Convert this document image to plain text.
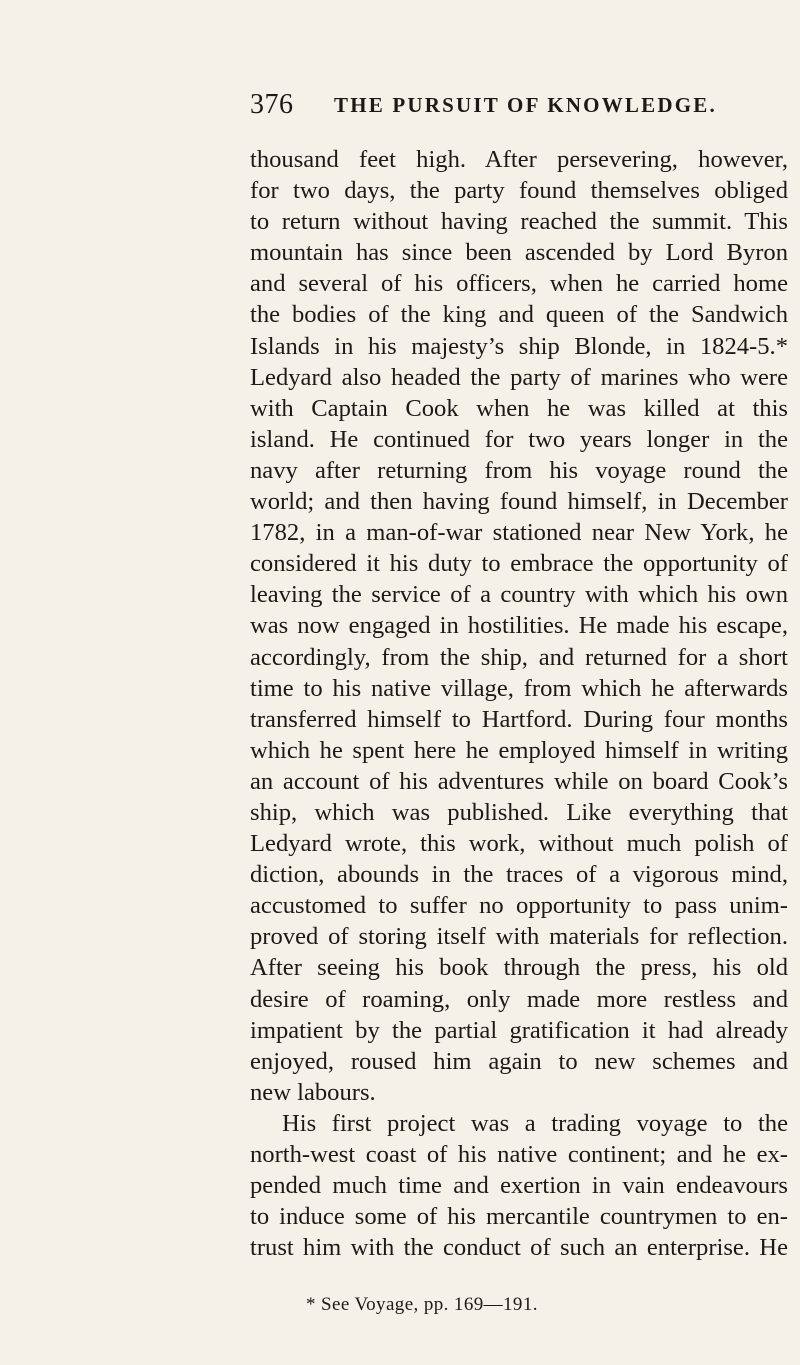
376 THE PURSUIT OF KNOWLEDGE.
thousand feet high. After persevering, however,
for two days, the party found themselves obliged
to return without having reached the summit. This
mountain has since been ascended by Lord Byron
and several of his officers, when he carried home
the bodies of the king and queen of the Sandwich
Islands in his majesty’s ship Blonde, in 1824-5.*
Ledyard also headed the party of marines who were
with Captain Cook when he was killed at this
island. He continued for two years longer in the
navy after returning from his voyage round the
world; and then having found himself, in December
1782, in a man-of-war stationed near New York, he
considered it his duty to embrace the opportunity of
leaving the service of a country with which his own
was now engaged in hostilities. He made his escape,
accordingly, from the ship, and returned for a short
time to his native village, from which he afterwards
transferred himself to Hartford. During four months
which he spent here he employed himself in writing
an account of his adventures while on board Cook’s
ship, which was published. Like everything that
Ledyard wrote, this work, without much polish of
diction, abounds in the traces of a vigorous mind,
accustomed to suffer no opportunity to pass unim-
proved of storing itself with materials for reflection.
After seeing his book through the press, his old
desire of roaming, only made more restless and
impatient by the partial gratification it had already
enjoyed, roused him again to new schemes and
new labours.
His first project was a trading voyage to the
north-west coast of his native continent; and he ex-
pended much time and exertion in vain endeavours
to induce some of his mercantile countrymen to en-
trust him with the conduct of such an enterprise. He
* See Voyage, pp. 169—191.
